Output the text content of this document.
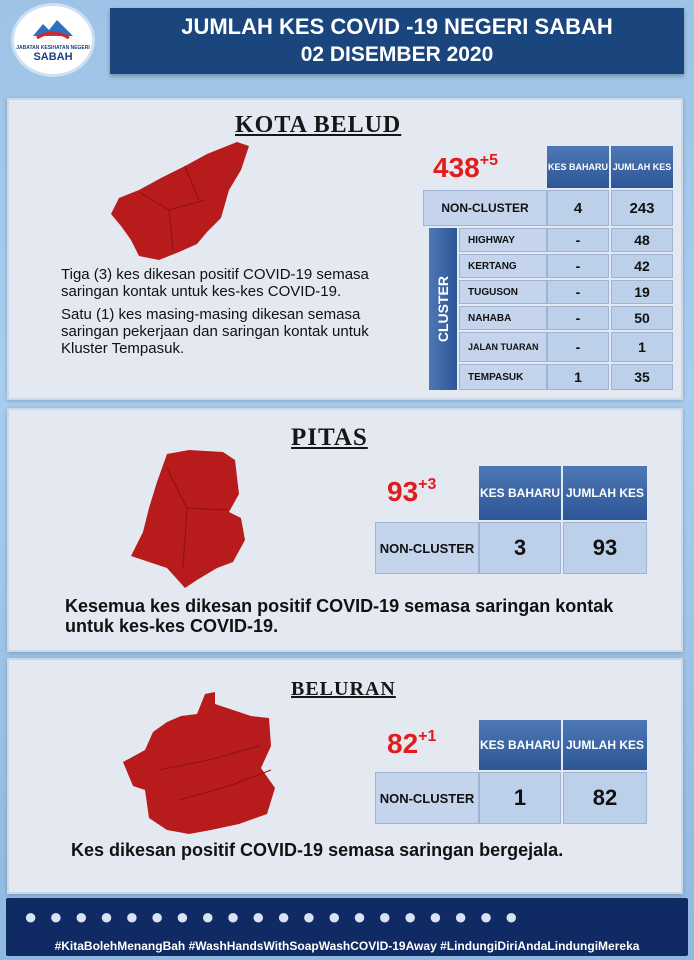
JABATAN KESIHATAN NEGERI
SABAH
JUMLAH KES COVID -19 NEGERI SABAH
02 DISEMBER 2020
KOTA BELUD
$438^{+5}$	KES BAHARU JUMLAH KES
NON-CLUSTER	4	243
CLUSTER
HIGHWAY	-	48
KERTANG	-	42
TUGUSON	-	19
NAHABA	-	50
JALAN TUARAN	-	1
TEMPASUK	1	35

Tiga (3) kes dikesan positif COVID-19 semasa saringan kontak untuk kes-kes COVID-19.

Satu (1) kes masing-masing dikesan semasa saringan pekerjaan dan saringan kontak untuk Kluster Tempasuk.

PITAS
$93^{+3}$	KES BAHARU JUMLAH KES
NON-CLUSTER	3	93
Kesemua kes dikesan positif COVID-19 semasa saringan kontak untuk kes-kes COVID-19.
BELURAN
$82^{+1}$	KES BAHARU JUMLAH KES
NON-CLUSTER	1	82
Kes dikesan positif COVID-19 semasa saringan bergejala.
● ● ● ● ● ● ● ● ● ● ● ● ● ● ● ● ● ● ● ●
#KitaBolehMenangBah #WashHandsWithSoapWashCOVID-19Away #LindungiDiriAndaLindungiMereka
